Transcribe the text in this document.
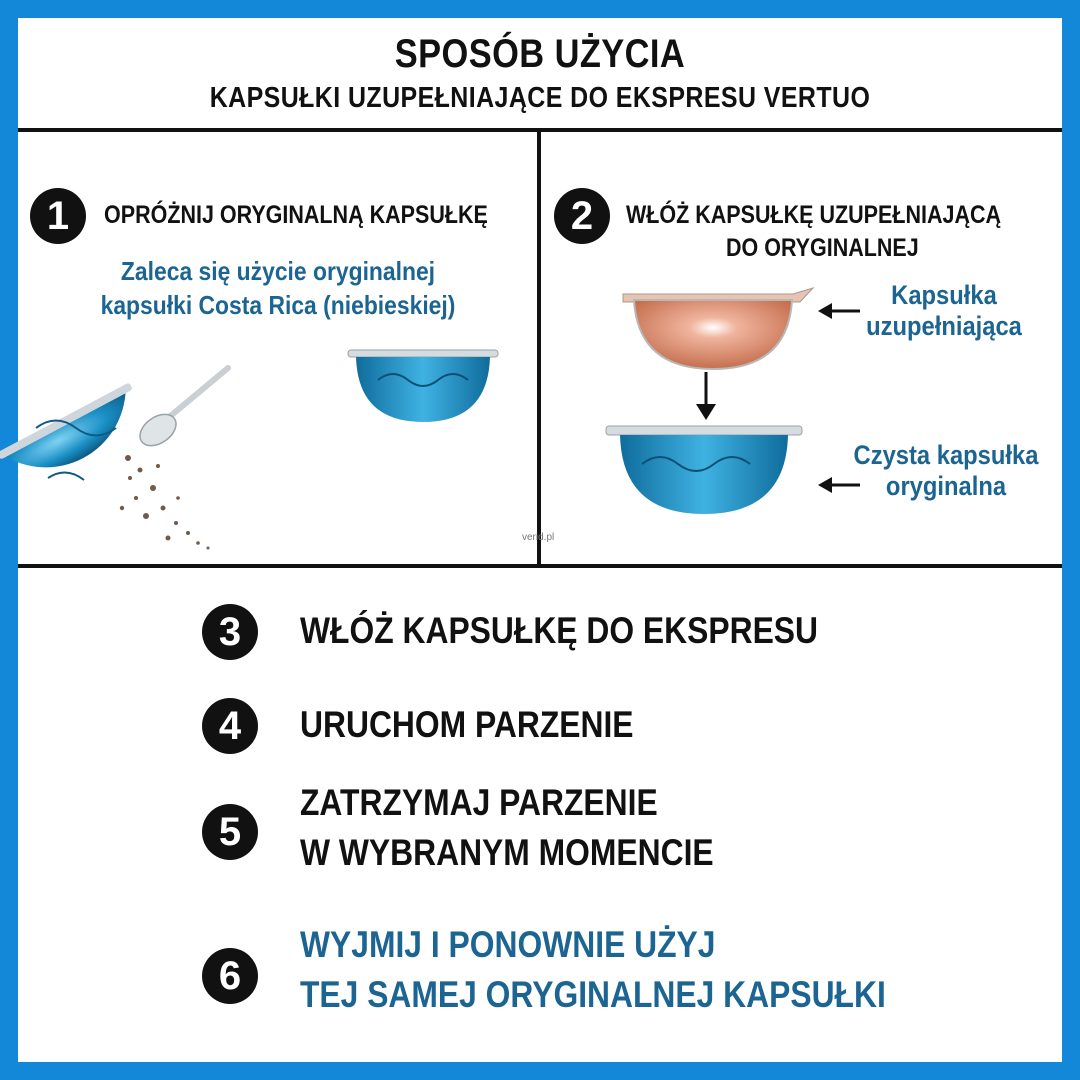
SPOSÓB UŻYCIA
KAPSUŁKI UZUPEŁNIAJĄCE DO EKSPRESU VERTUO
1	OPRÓŻNIJ ORYGINALNĄ KAPSUŁKĘ
Zaleca się użycie oryginalnej
kapsułki Costa Rica (niebieskiej)
verid.pl
2	WŁÓŻ KAPSUŁKĘ UZUPEŁNIAJĄCĄ
DO ORYGINALNEJ
Kapsułka
uzupełniająca
Czysta kapsułka
oryginalna
3	WŁÓŻ KAPSUŁKĘ DO EKSPRESU
4	URUCHOM PARZENIE
5
ZATRZYMAJ PARZENIE
W WYBRANYM MOMENCIE
6
WYJMIJ I PONOWNIE UŻYJ
TEJ SAMEJ ORYGINALNEJ KAPSUŁKI
